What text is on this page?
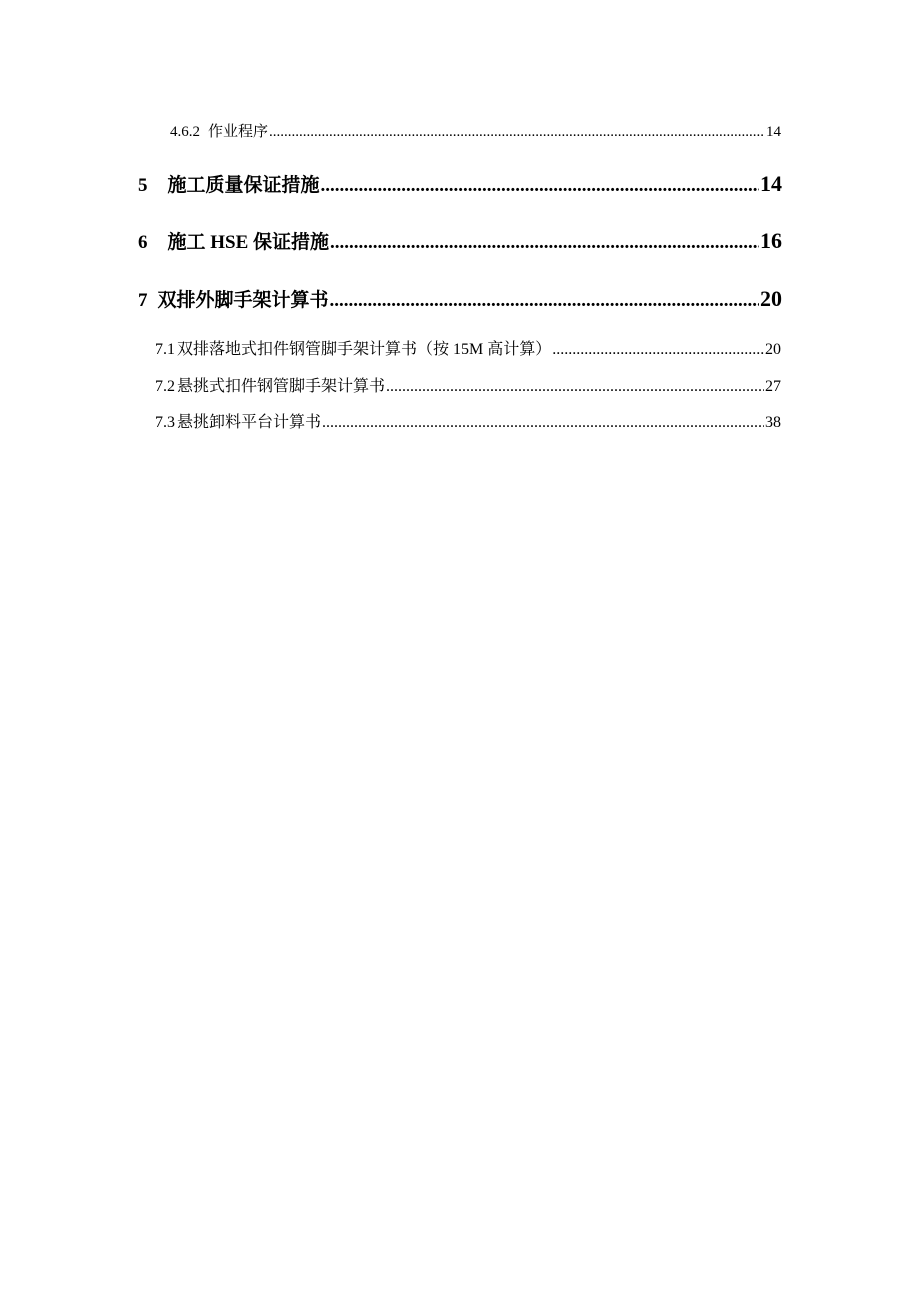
4.6.2 作业程序 .....	14
5 施工质量保证措施 .....	14
6 施工 HSE 保证措施 .....	16
7 双排外脚手架计算书 .....	20
7.1 双排落地式扣件钢管脚手架计算书（按 15M 高计算） .....	20
7.2 悬挑式扣件钢管脚手架计算书 .....	27
7.3 悬挑卸料平台计算书 .....	38
